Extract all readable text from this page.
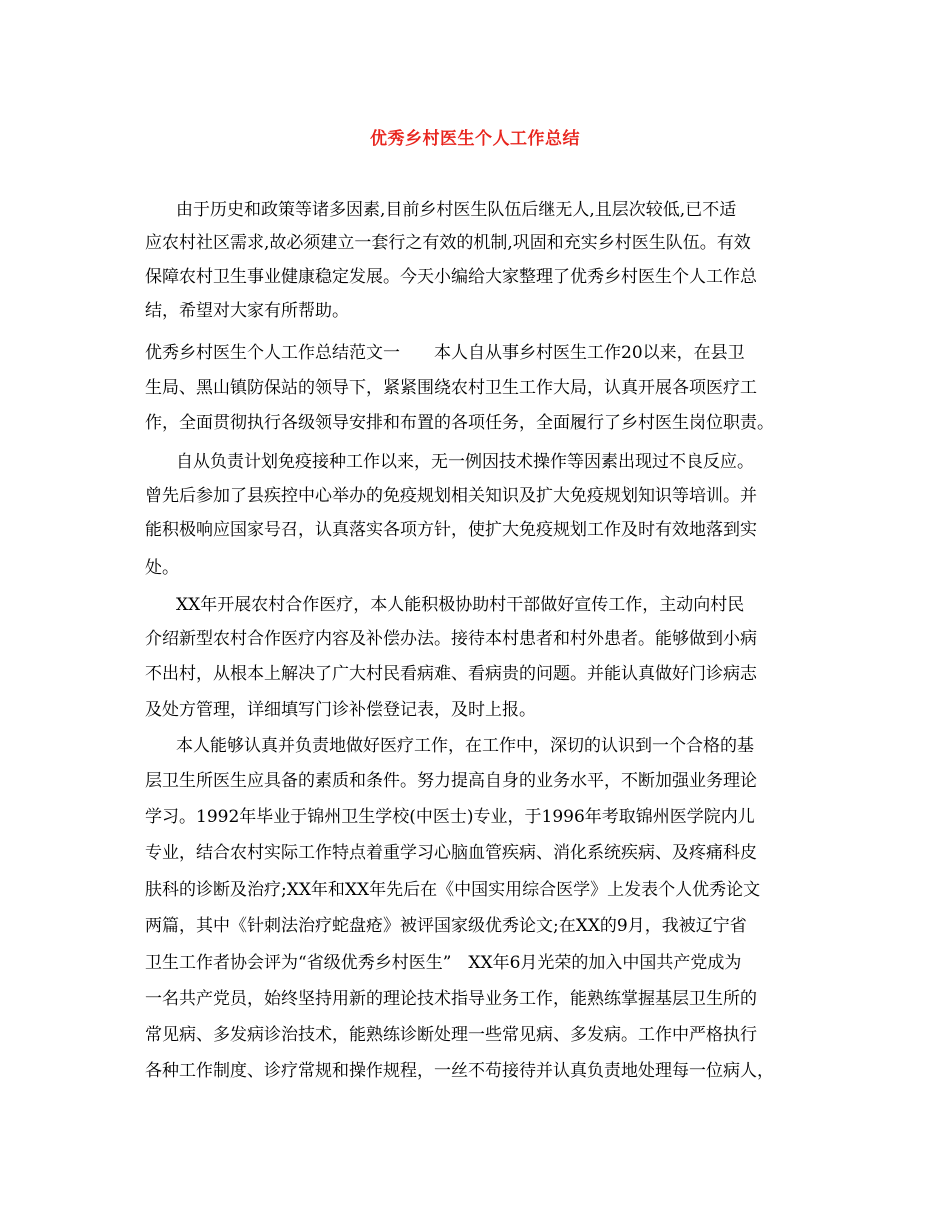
优秀乡村医生个人工作总结
由于历史和政策等诸多因素,目前乡村医生队伍后继无人,且层次较低,已不适
应农村社区需求,故必须建立一套行之有效的机制,巩固和充实乡村医生队伍。有效
保障农村卫生事业健康稳定发展。今天小编给大家整理了优秀乡村医生个人工作总
结，希望对大家有所帮助。
优秀乡村医生个人工作总结范文一　　本人自从事乡村医生工作20以来，在县卫
生局、黑山镇防保站的领导下，紧紧围绕农村卫生工作大局，认真开展各项医疗工
作，全面贯彻执行各级领导安排和布置的各项任务，全面履行了乡村医生岗位职责。
自从负责计划免疫接种工作以来，无一例因技术操作等因素出现过不良反应。
曾先后参加了县疾控中心举办的免疫规划相关知识及扩大免疫规划知识等培训。并
能积极响应国家号召，认真落实各项方针，使扩大免疫规划工作及时有效地落到实
处。
XX年开展农村合作医疗，本人能积极协助村干部做好宣传工作，主动向村民
介绍新型农村合作医疗内容及补偿办法。接待本村患者和村外患者。能够做到小病
不出村，从根本上解决了广大村民看病难、看病贵的问题。并能认真做好门诊病志
及处方管理，详细填写门诊补偿登记表，及时上报。
本人能够认真并负责地做好医疗工作，在工作中，深切的认识到一个合格的基
层卫生所医生应具备的素质和条件。努力提高自身的业务水平，不断加强业务理论
学习。1992年毕业于锦州卫生学校(中医士)专业，于1996年考取锦州医学院内儿
专业，结合农村实际工作特点着重学习心脑血管疾病、消化系统疾病、及疼痛科皮
肤科的诊断及治疗;XX年和XX年先后在《中国实用综合医学》上发表个人优秀论文
两篇，其中《针刺法治疗蛇盘疮》被评国家级优秀论文;在XX的9月，我被辽宁省
卫生工作者协会评为“省级优秀乡村医生”　XX年6月光荣的加入中国共产党成为
一名共产党员，始终坚持用新的理论技术指导业务工作，能熟练掌握基层卫生所的
常见病、多发病诊治技术，能熟练诊断处理一些常见病、多发病。工作中严格执行
各种工作制度、诊疗常规和操作规程，一丝不苟接待并认真负责地处理每一位病人，
